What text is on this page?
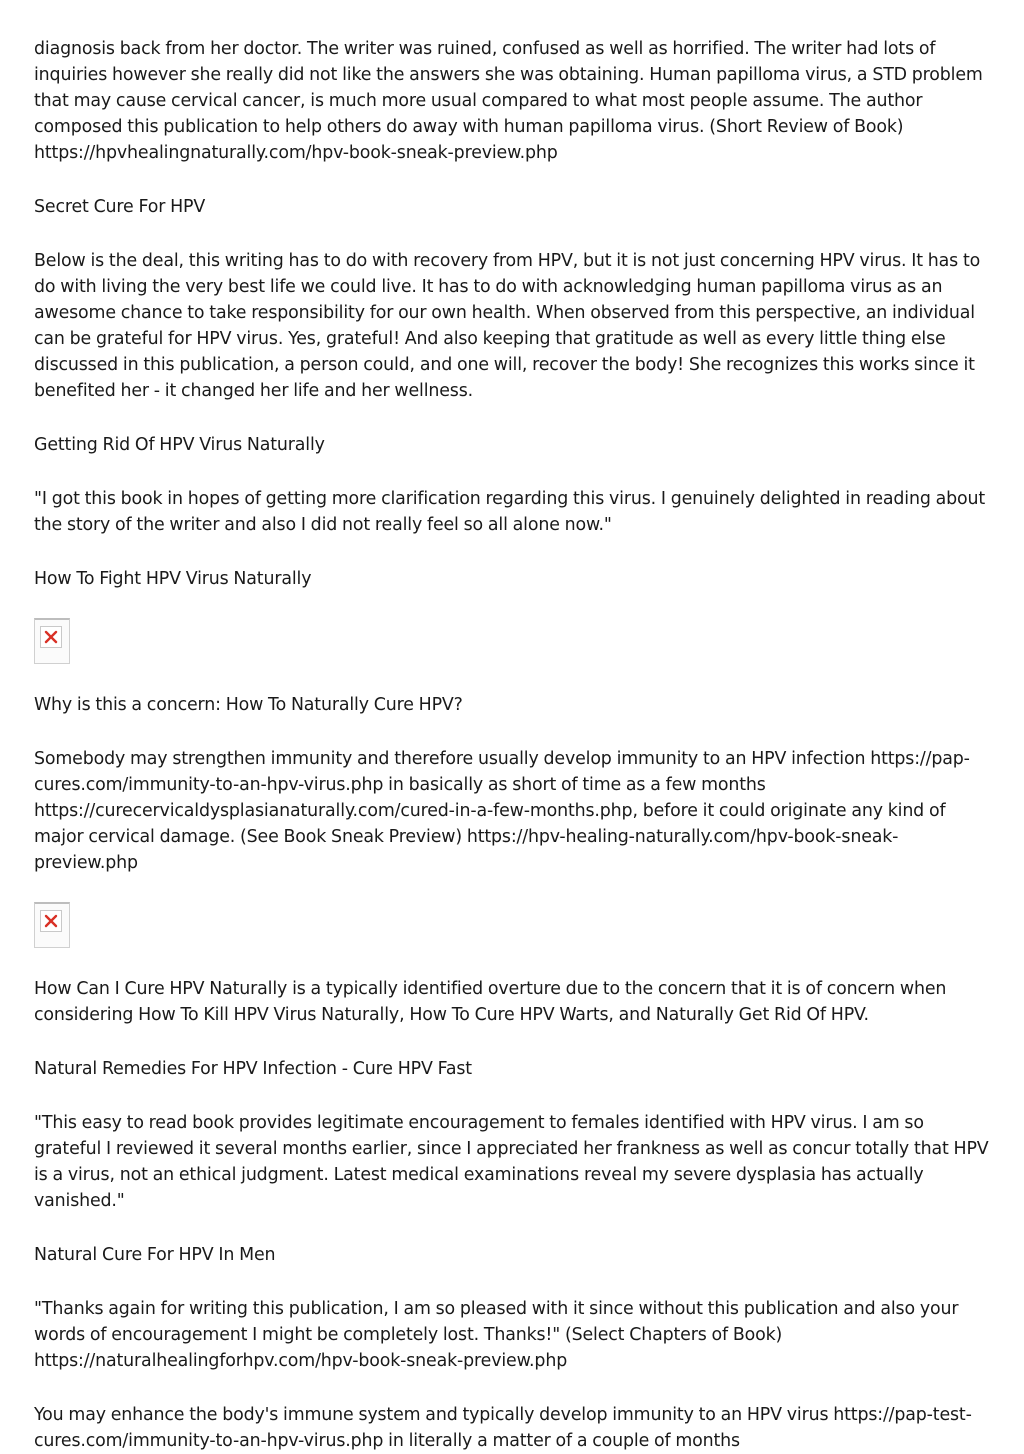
diagnosis back from her doctor. The writer was ruined, confused as well as horrified. The writer had lots of inquiries however she really did not like the answers she was obtaining. Human papilloma virus, a STD problem that may cause cervical cancer, is much more usual compared to what most people assume. The author composed this publication to help others do away with human papilloma virus. (Short Review of Book) https://hpvhealingnaturally.com/hpv-book-sneak-preview.php

Secret Cure For HPV

Below is the deal, this writing has to do with recovery from HPV, but it is not just concerning HPV virus. It has to do with living the very best life we could live. It has to do with acknowledging human papilloma virus as an awesome chance to take responsibility for our own health. When observed from this perspective, an individual can be grateful for HPV virus. Yes, grateful! And also keeping that gratitude as well as every little thing else discussed in this publication, a person could, and one will, recover the body! She recognizes this works since it benefited her - it changed her life and her wellness.

Getting Rid Of HPV Virus Naturally

"I got this book in hopes of getting more clarification regarding this virus. I genuinely delighted in reading about the story of the writer and also I did not really feel so all alone now."

How To Fight HPV Virus Naturally

Why is this a concern: How To Naturally Cure HPV?

Somebody may strengthen immunity and therefore usually develop immunity to an HPV infection https://pap-cures.com/immunity-to-an-hpv-virus.php in basically as short of time as a few months https://curecervicaldysplasianaturally.com/cured-in-a-few-months.php, before it could originate any kind of major cervical damage. (See Book Sneak Preview) https://hpv-healing-naturally.com/hpv-book-sneak-preview.php

How Can I Cure HPV Naturally is a typically identified overture due to the concern that it is of concern when considering How To Kill HPV Virus Naturally, How To Cure HPV Warts, and Naturally Get Rid Of HPV.

Natural Remedies For HPV Infection - Cure HPV Fast

"This easy to read book provides legitimate encouragement to females identified with HPV virus. I am so grateful I reviewed it several months earlier, since I appreciated her frankness as well as concur totally that HPV is a virus, not an ethical judgment. Latest medical examinations reveal my severe dysplasia has actually vanished."

Natural Cure For HPV In Men

"Thanks again for writing this publication, I am so pleased with it since without this publication and also your words of encouragement I might be completely lost. Thanks!" (Select Chapters of Book) https://naturalhealingforhpv.com/hpv-book-sneak-preview.php

You may enhance the body's immune system and typically develop immunity to an HPV virus https://pap-test-cures.com/immunity-to-an-hpv-virus.php in literally a matter of a couple of months
